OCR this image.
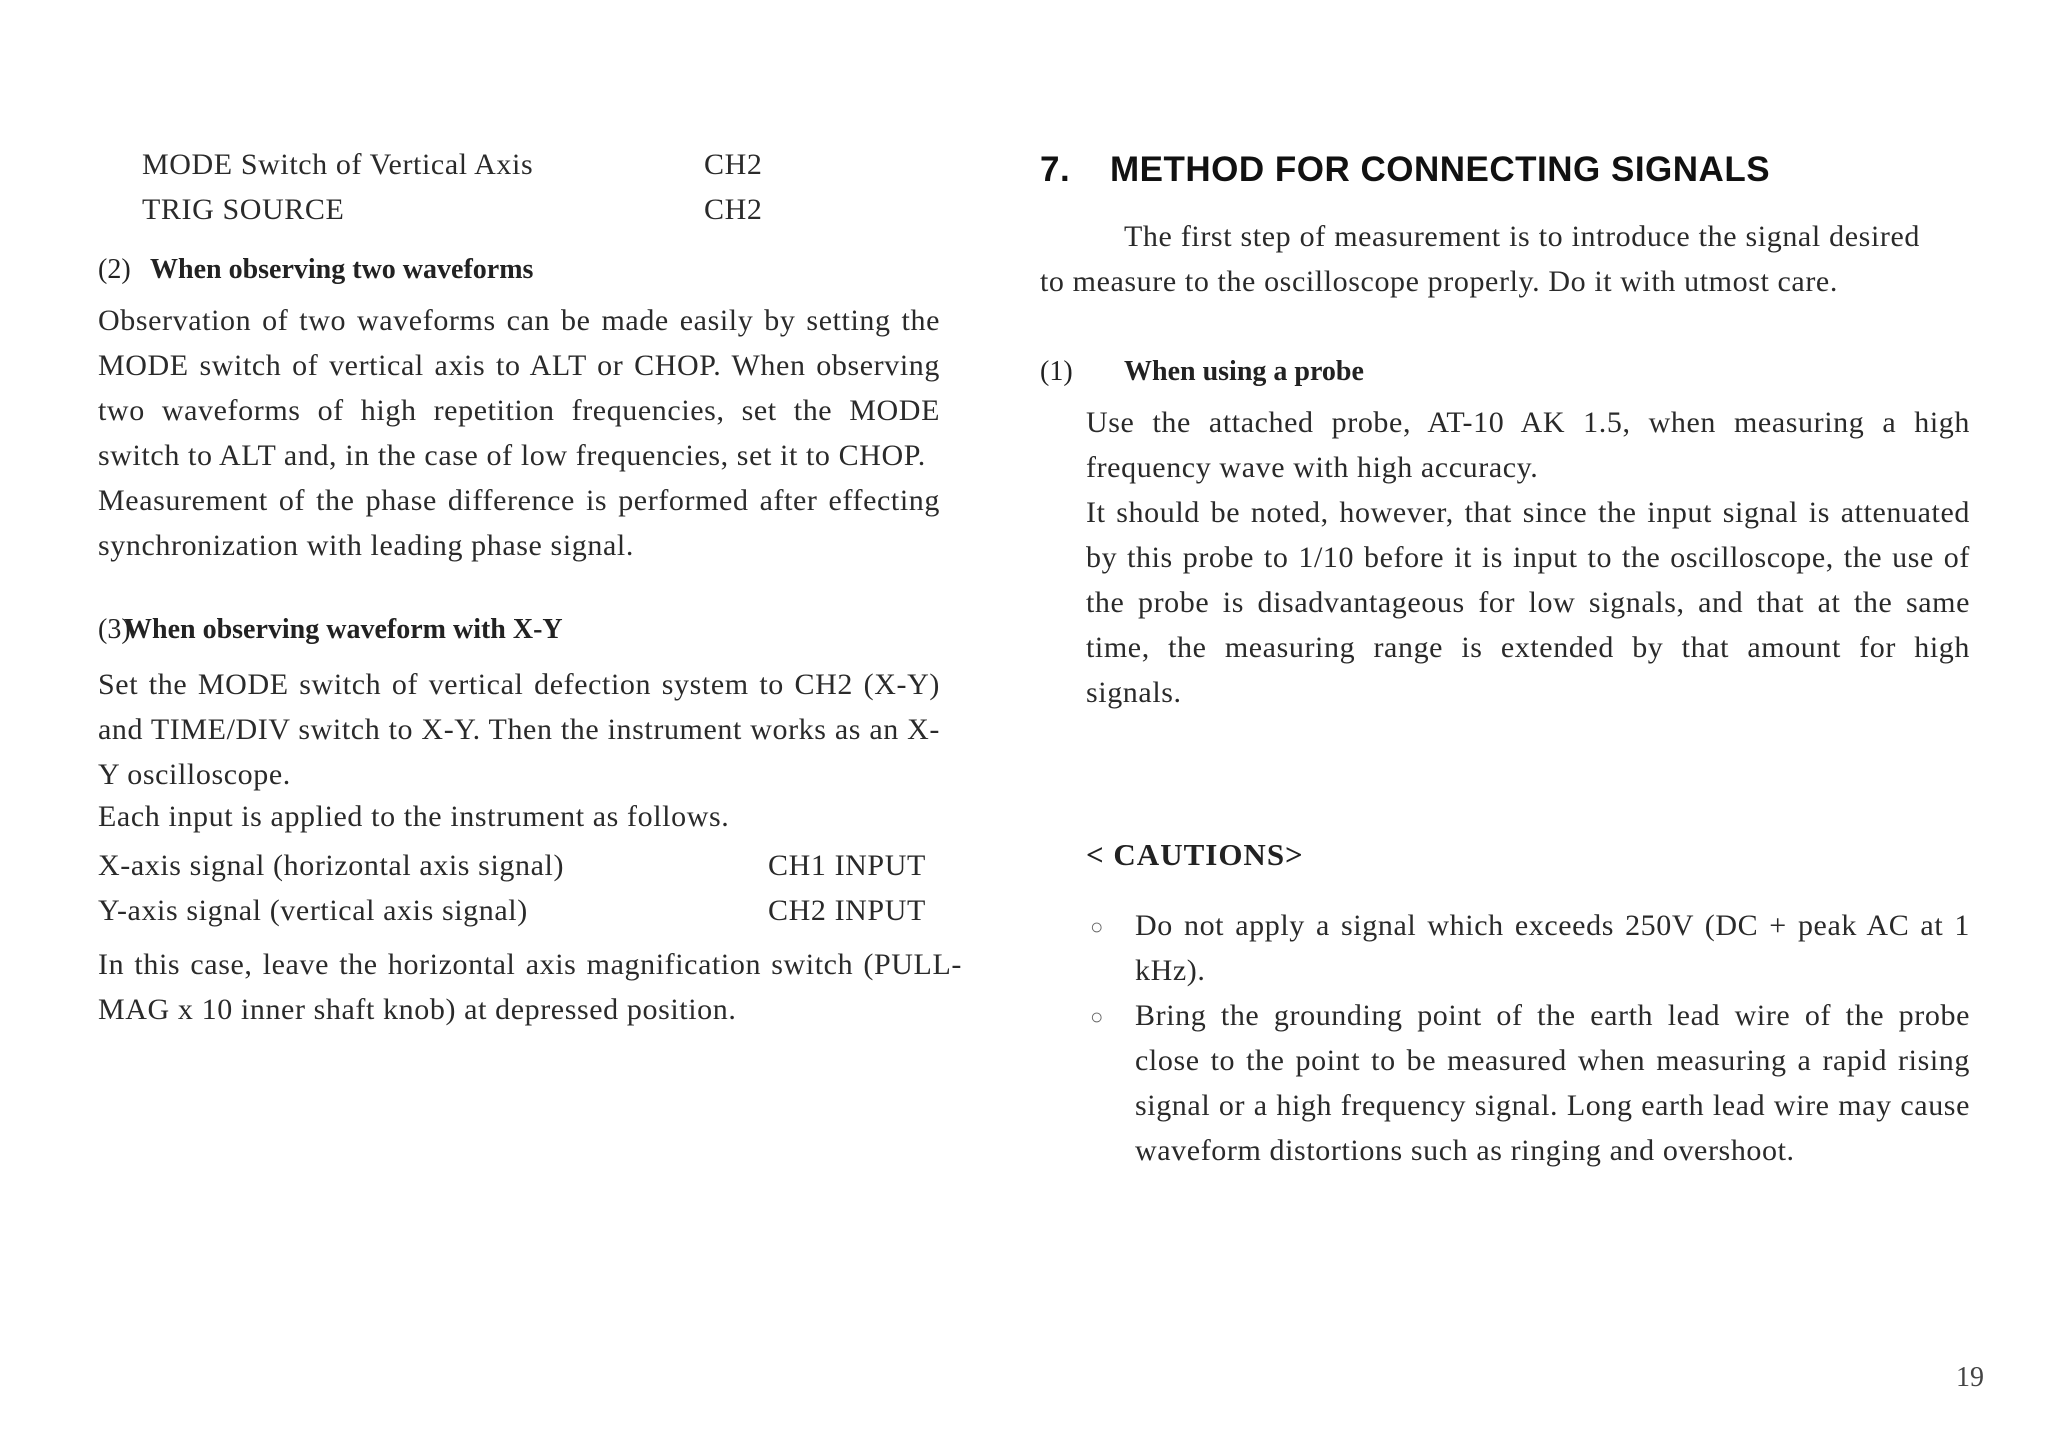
MODE Switch of Vertical Axis	CH2
TRIG SOURCE	CH2
(2) When observing two waveforms

Observation of two waveforms can be made easily by setting the MODE switch of vertical axis to ALT or CHOP. When observing two waveforms of high repetition frequencies, set the MODE switch to ALT and, in the case of low frequencies, set it to CHOP.

Measurement of the phase difference is performed after effecting synchronization with leading phase signal.

(3)When observing waveform with X-Y

Set the MODE switch of vertical defection system to CH2 (X-Y) and TIME/DIV switch to X-Y. Then the instrument works as an X-Y oscilloscope.

Each input is applied to the instrument as follows.

X-axis signal (horizontal axis signal)	CH1 INPUT
Y-axis signal (vertical axis signal)	CH2 INPUT

In this case, leave the horizontal axis magnification switch (PULL-MAG x 10 inner shaft knob) at depressed position.

7. METHOD FOR CONNECTING SIGNALS

The first step of measurement is to introduce the signal desired to measure to the oscilloscope properly. Do it with utmost care.

(1) When using a probe

Use the attached probe, AT-10 AK 1.5, when measuring a high frequency wave with high accuracy.

It should be noted, however, that since the input signal is attenuated by this probe to 1/10 before it is input to the oscilloscope, the use of the probe is disadvantageous for low signals, and that at the same time, the measuring range is extended by that amount for high signals.

< CAUTIONS>
○	Do not apply a signal which exceeds 250V (DC + peak AC at 1 kHz).
○	Bring the grounding point of the earth lead wire of the probe close to the point to be measured when measuring a rapid rising signal or a high frequency signal. Long earth lead wire may cause waveform distortions such as ringing and overshoot.
19
